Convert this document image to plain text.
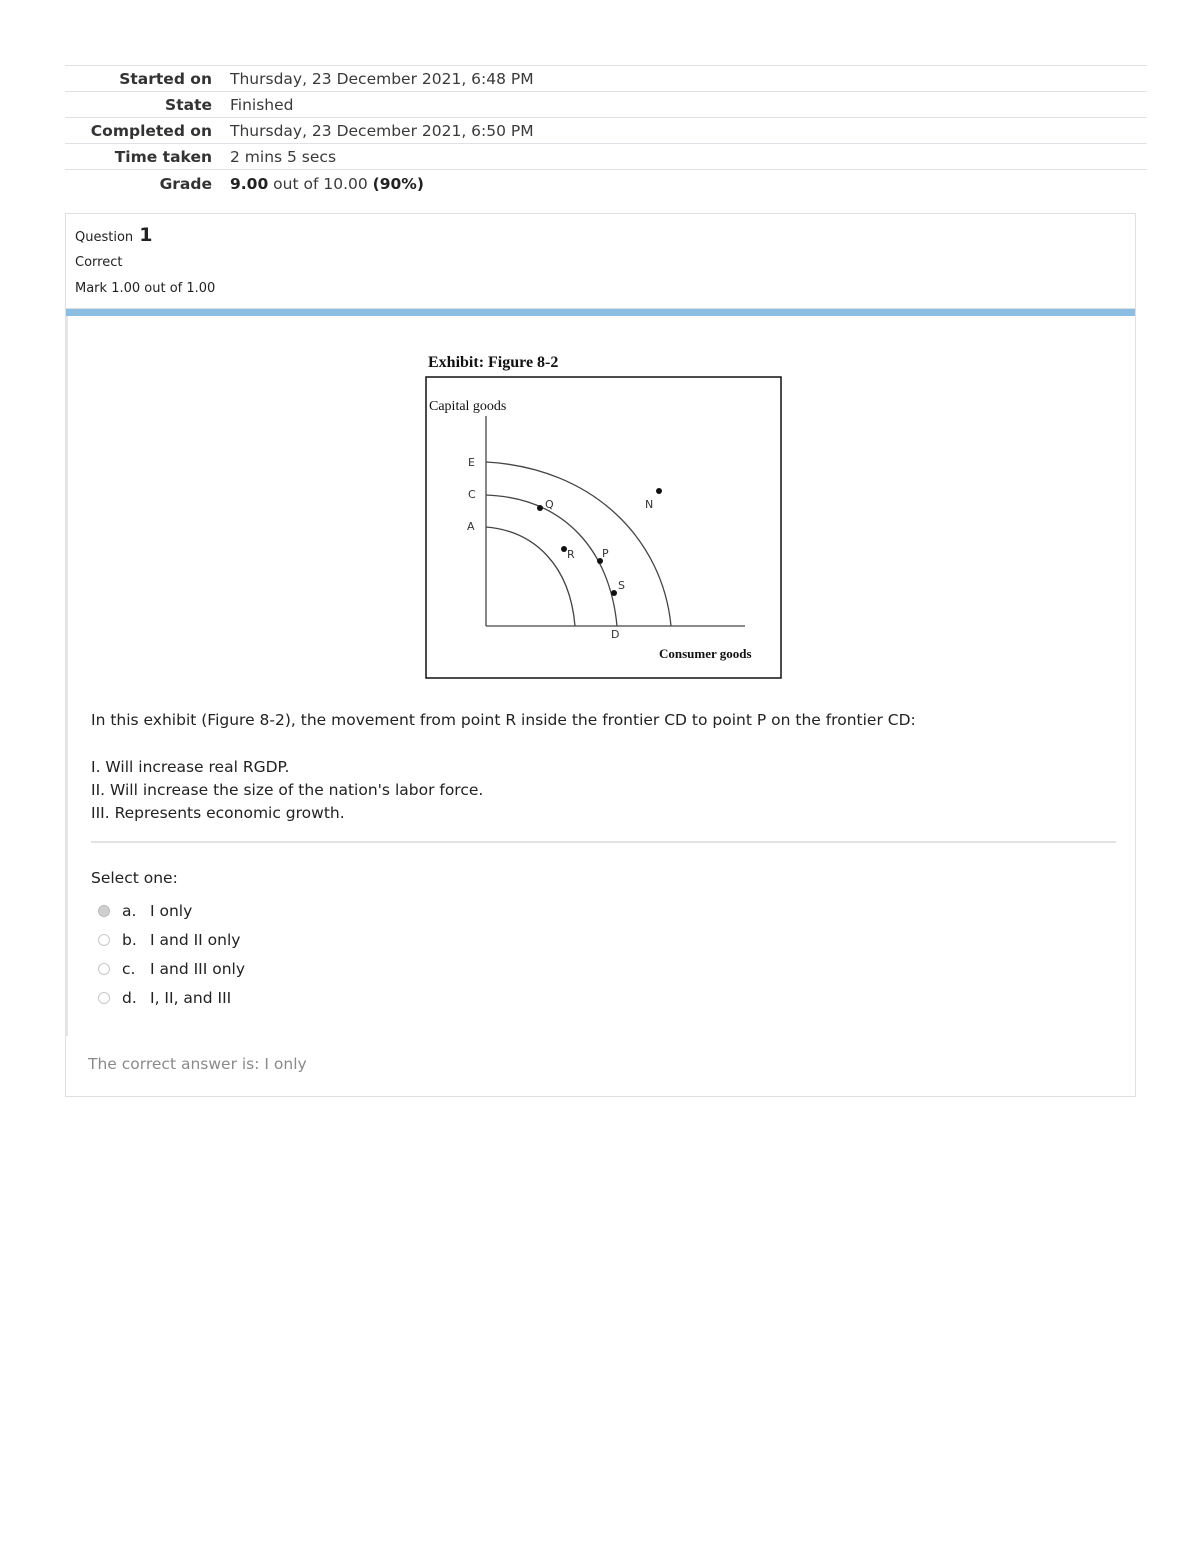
Started on	Thursday, 23 December 2021, 6:48 PM
State	Finished
Completed on	Thursday, 23 December 2021, 6:50 PM
Time taken	2 mins 5 secs
Grade	9.00 out of 10.00 (90%)
Question 1
Correct
Mark 1.00 out of 1.00
Exhibit: Figure 8-2
Capital goods
Consumer goods
E
C
A
D
Q	N
R P
S
In this exhibit (Figure 8-2), the movement from point R inside the frontier CD to point P on the frontier CD:
I. Will increase real RGDP.
II. Will increase the size of the nation's labor force.
III. Represents economic growth.
Select one:
a. I only
b. I and II only
c. I and III only
d. I, II, and III
The correct answer is: I only
